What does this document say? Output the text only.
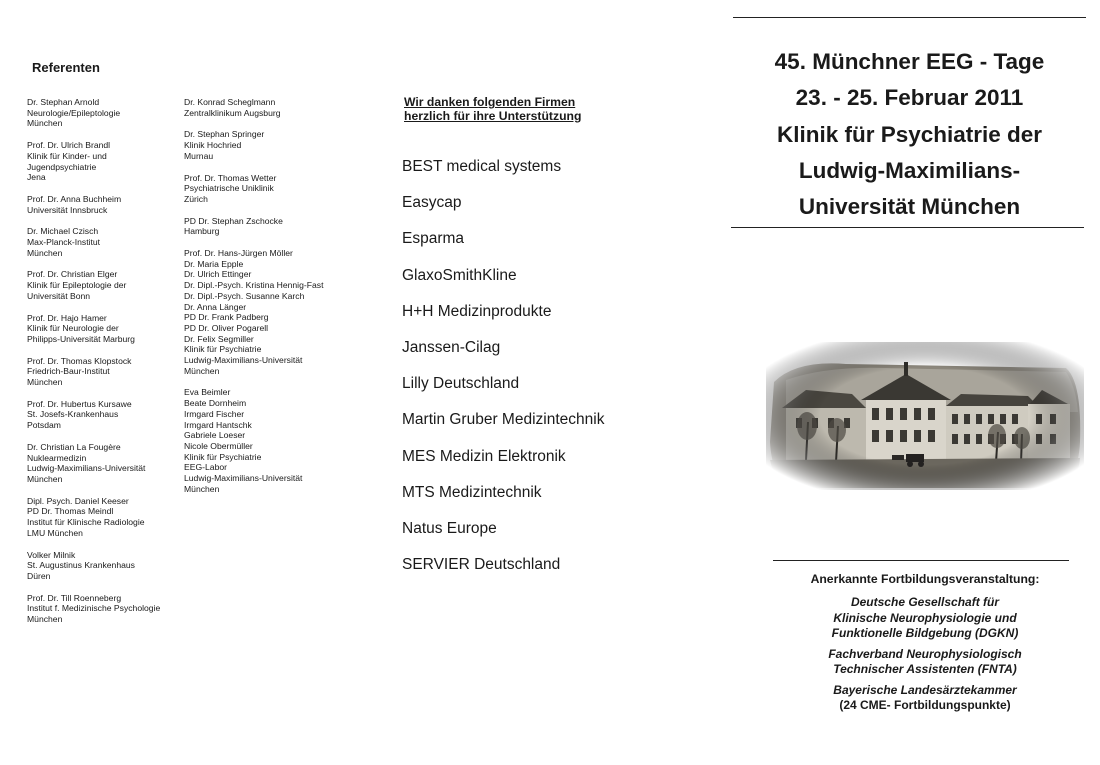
Referenten
Dr. Stephan Arnold
Neurologie/Epileptologie
München
Prof. Dr. Ulrich Brandl
Klinik für Kinder- und
Jugendpsychiatrie
Jena
Prof. Dr. Anna Buchheim
Universität Innsbruck
Dr. Michael Czisch
Max-Planck-Institut
München
Prof. Dr. Christian Elger
Klinik für Epileptologie der
Universität Bonn
Prof. Dr. Hajo Hamer
Klinik für Neurologie der
Philipps-Universität Marburg
Prof. Dr. Thomas Klopstock
Friedrich-Baur-Institut
München
Prof. Dr. Hubertus Kursawe
St. Josefs-Krankenhaus
Potsdam
Dr. Christian La Fougère
Nuklearmedizin
Ludwig-Maximilians-Universität
München
Dipl. Psych. Daniel Keeser
PD Dr. Thomas Meindl
Institut für Klinische Radiologie
LMU München
Volker Milnik
St. Augustinus Krankenhaus
Düren
Prof. Dr. Till Roenneberg
Institut f. Medizinische Psychologie
München
Dr. Konrad Scheglmann
Zentralklinikum Augsburg
Dr. Stephan Springer
Klinik Hochried
Murnau
Prof. Dr. Thomas Wetter
Psychiatrische Uniklinik
Zürich
PD Dr. Stephan Zschocke
Hamburg
Prof. Dr. Hans-Jürgen Möller
Dr. Maria Epple
Dr. Ulrich Ettinger
Dr. Dipl.-Psych. Kristina Hennig-Fast
Dr. Dipl.-Psych. Susanne Karch
Dr. Anna Länger
PD Dr. Frank Padberg
PD Dr. Oliver Pogarell
Dr. Felix Segmiller
Klinik für Psychiatrie
Ludwig-Maximilians-Universität
München
Eva Beimler
Beate Dornheim
Irmgard Fischer
Irmgard Hantschk
Gabriele Loeser
Nicole Obermüller
Klinik für Psychiatrie
EEG-Labor
Ludwig-Maximilians-Universität
München
Wir danken folgenden Firmen
herzlich für ihre Unterstützung
BEST medical systems
Easycap
Esparma
GlaxoSmithKline
H+H Medizinprodukte
Janssen-Cilag
Lilly Deutschland
Martin Gruber Medizintechnik
MES Medizin Elektronik
MTS Medizintechnik
Natus Europe
SERVIER Deutschland
45. Münchner EEG - Tage
23. - 25. Februar 2011
Klinik für Psychiatrie der
Ludwig-Maximilians-
Universität München
Anerkannte Fortbildungsveranstaltung:
Deutsche Gesellschaft für
Klinische Neurophysiologie und
Funktionelle Bildgebung (DGKN)
Fachverband Neurophysiologisch
Technischer Assistenten (FNTA)
Bayerische Landesärztekammer
(24 CME- Fortbildungspunkte)
